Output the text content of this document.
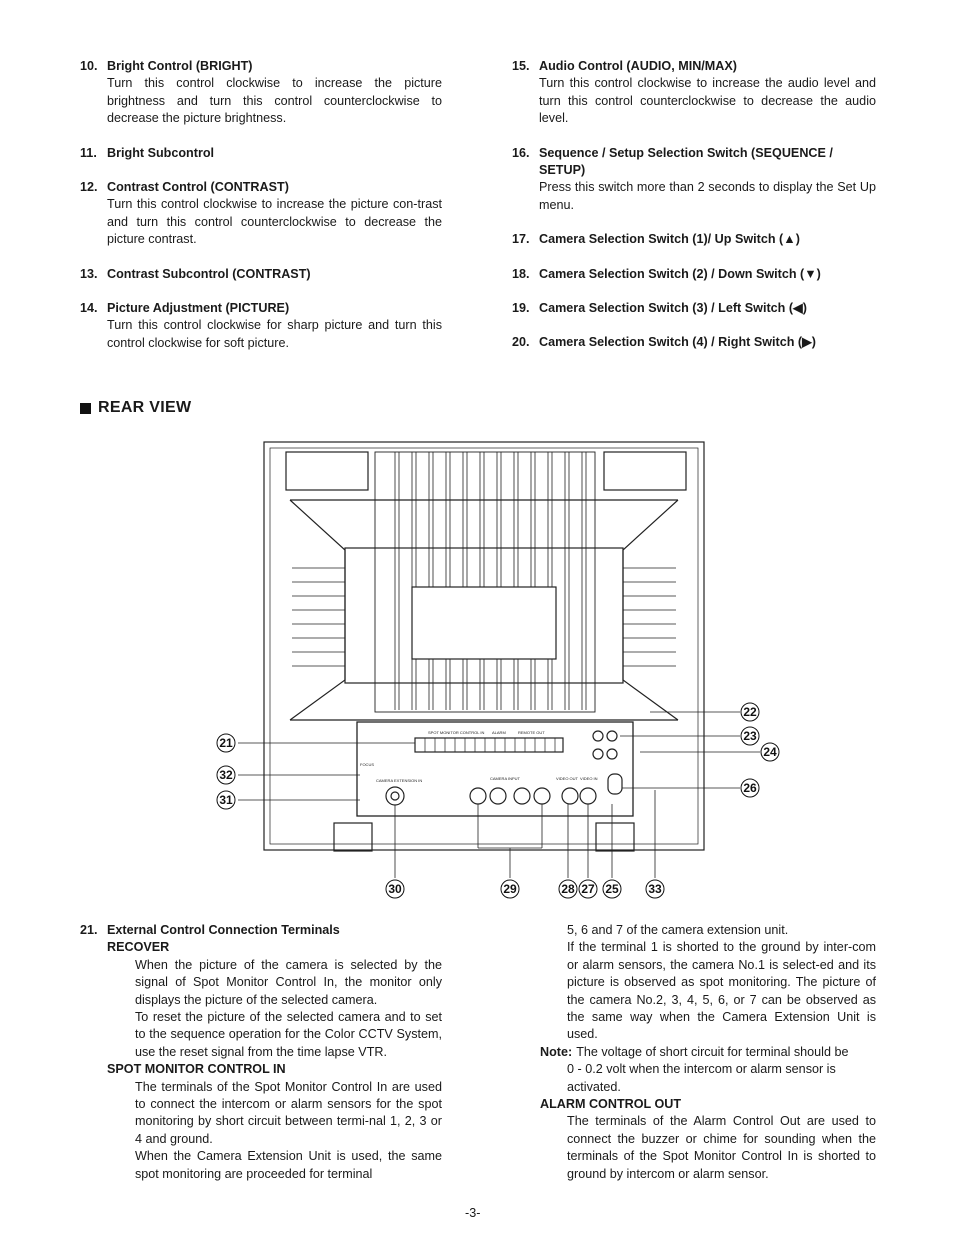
10. Bright Control (BRIGHT)
Turn this control clockwise to increase the picture brightness and turn this control counterclockwise to decrease the picture brightness.
11. Bright Subcontrol
12. Contrast Control (CONTRAST)
Turn this control clockwise to increase the picture con-trast and turn this control counterclockwise to decrease the picture contrast.
13. Contrast Subcontrol (CONTRAST)
14. Picture Adjustment (PICTURE)
Turn this control clockwise for sharp picture and turn this control clockwise for soft picture.
15. Audio Control (AUDIO, MIN/MAX)
Turn this control clockwise to increase the audio level and turn this control counterclockwise to decrease the audio level.
16. Sequence / Setup Selection Switch (SEQUENCE / SETUP)
Press this switch more than 2 seconds to display the Set Up menu.
17. Camera Selection Switch (1)/ Up Switch (▲)
18. Camera Selection Switch (2) / Down Switch (▼)
19. Camera Selection Switch (3) / Left Switch (◀)
20. Camera Selection Switch (4) / Right Switch (▶)
REAR VIEW
SPOT MONITOR CONTROL IN ALARM	REMOTE OUT
FOCUS
CAMERA EXTENSION IN	CAMERA INPUT	VIDEO OUT VIDEO IN
21
32
31
22
23
24
26
30	29	28 27 25 33
21. External Control Connection Terminals
RECOVER
When the picture of the camera is selected by the signal of Spot Monitor Control In, the monitor only displays the picture of the selected camera.
To reset the picture of the selected camera and to set to the sequence operation for the Color CCTV System, use the reset signal from the time lapse VTR.
SPOT MONITOR CONTROL IN
The terminals of the Spot Monitor Control In are used to connect the intercom or alarm sensors for the spot monitoring by short circuit between termi-nal 1, 2, 3 or 4 and ground.
When the Camera Extension Unit is used, the same spot monitoring are proceeded for terminal
5, 6 and 7 of the camera extension unit.
If the terminal 1 is shorted to the ground by inter-com or alarm sensors, the camera No.1 is select-ed and its picture is observed as spot monitoring. The picture of the camera No.2, 3, 4, 5, 6, or 7 can be observed as the same way when the Camera Extension Unit is used.
Note: The voltage of short circuit for terminal should be
0 - 0.2 volt when the intercom or alarm sensor is activated.
ALARM CONTROL OUT
The terminals of the Alarm Control Out are used to connect the buzzer or chime for sounding when the terminals of the Spot Monitor Control In is shorted to ground by intercom or alarm sensor.
-3-
